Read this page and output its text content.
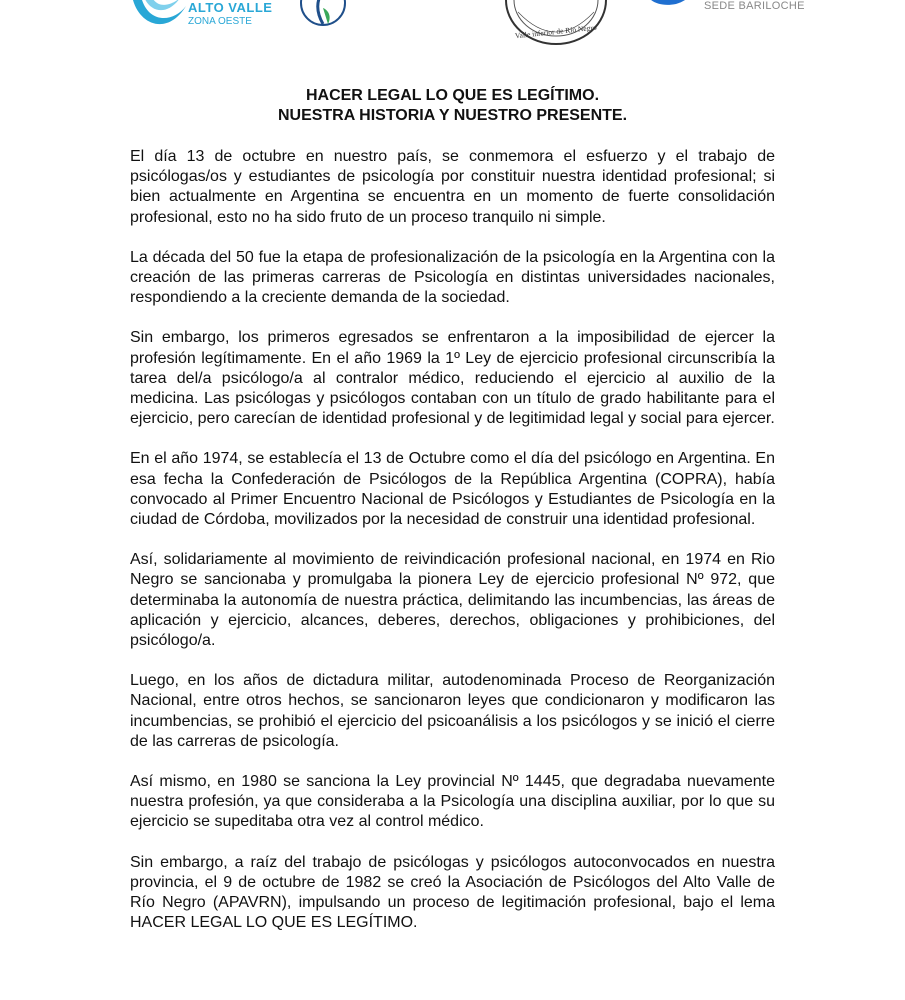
ALTO VALLE
ZONA OESTE
Valle inferior de Río Negro
SEDE BARILOCHE
HACER LEGAL LO QUE ES LEGÍTIMO.
NUESTRA HISTORIA Y NUESTRO PRESENTE.

El día 13 de octubre en nuestro país, se conmemora el esfuerzo y el trabajo de psicólogas/os y estudiantes de psicología por constituir nuestra identidad profesional; si bien actualmente en Argentina se encuentra en un momento de fuerte consolidación profesional, esto no ha sido fruto de un proceso tranquilo ni simple.

La década del 50 fue la etapa de profesionalización de la psicología en la Argentina con la creación de las primeras carreras de Psicología en distintas universidades nacionales, respondiendo a la creciente demanda de la sociedad.

Sin embargo, los primeros egresados se enfrentaron a la imposibilidad de ejercer la profesión legítimamente. En el año 1969 la 1º Ley de ejercicio profesional circunscribía la tarea del/a psicólogo/a al contralor médico, reduciendo el ejercicio al auxilio de la medicina. Las psicólogas y psicólogos contaban con un título de grado habilitante para el ejercicio, pero carecían de identidad profesional y de legitimidad legal y social para ejercer.

En el año 1974, se establecía el 13 de Octubre como el día del psicólogo en Argentina. En esa fecha la Confederación de Psicólogos de la República Argentina (COPRA), había convocado al Primer Encuentro Nacional de Psicólogos y Estudiantes de Psicología en la ciudad de Córdoba, movilizados por la necesidad de construir una identidad profesional.

Así, solidariamente al movimiento de reivindicación profesional nacional, en 1974 en Rio Negro se sancionaba y promulgaba la pionera Ley de ejercicio profesional Nº 972, que determinaba la autonomía de nuestra práctica, delimitando las incumbencias, las áreas de aplicación y ejercicio, alcances, deberes, derechos, obligaciones y prohibiciones, del psicólogo/a.

Luego, en los años de dictadura militar, autodenominada Proceso de Reorganización Nacional, entre otros hechos, se sancionaron leyes que condicionaron y modificaron las incumbencias, se prohibió el ejercicio del psicoanálisis a los psicólogos y se inició el cierre de las carreras de psicología.

Así mismo, en 1980 se sanciona la Ley provincial Nº 1445, que degradaba nuevamente nuestra profesión, ya que consideraba a la Psicología una disciplina auxiliar, por lo que su ejercicio se supeditaba otra vez al control médico.

Sin embargo, a raíz del trabajo de psicólogas y psicólogos autoconvocados en nuestra provincia, el 9 de octubre de 1982 se creó la Asociación de Psicólogos del Alto Valle de Río Negro (APAVRN), impulsando un proceso de legitimación profesional, bajo el lema HACER LEGAL LO QUE ES LEGÍTIMO.
